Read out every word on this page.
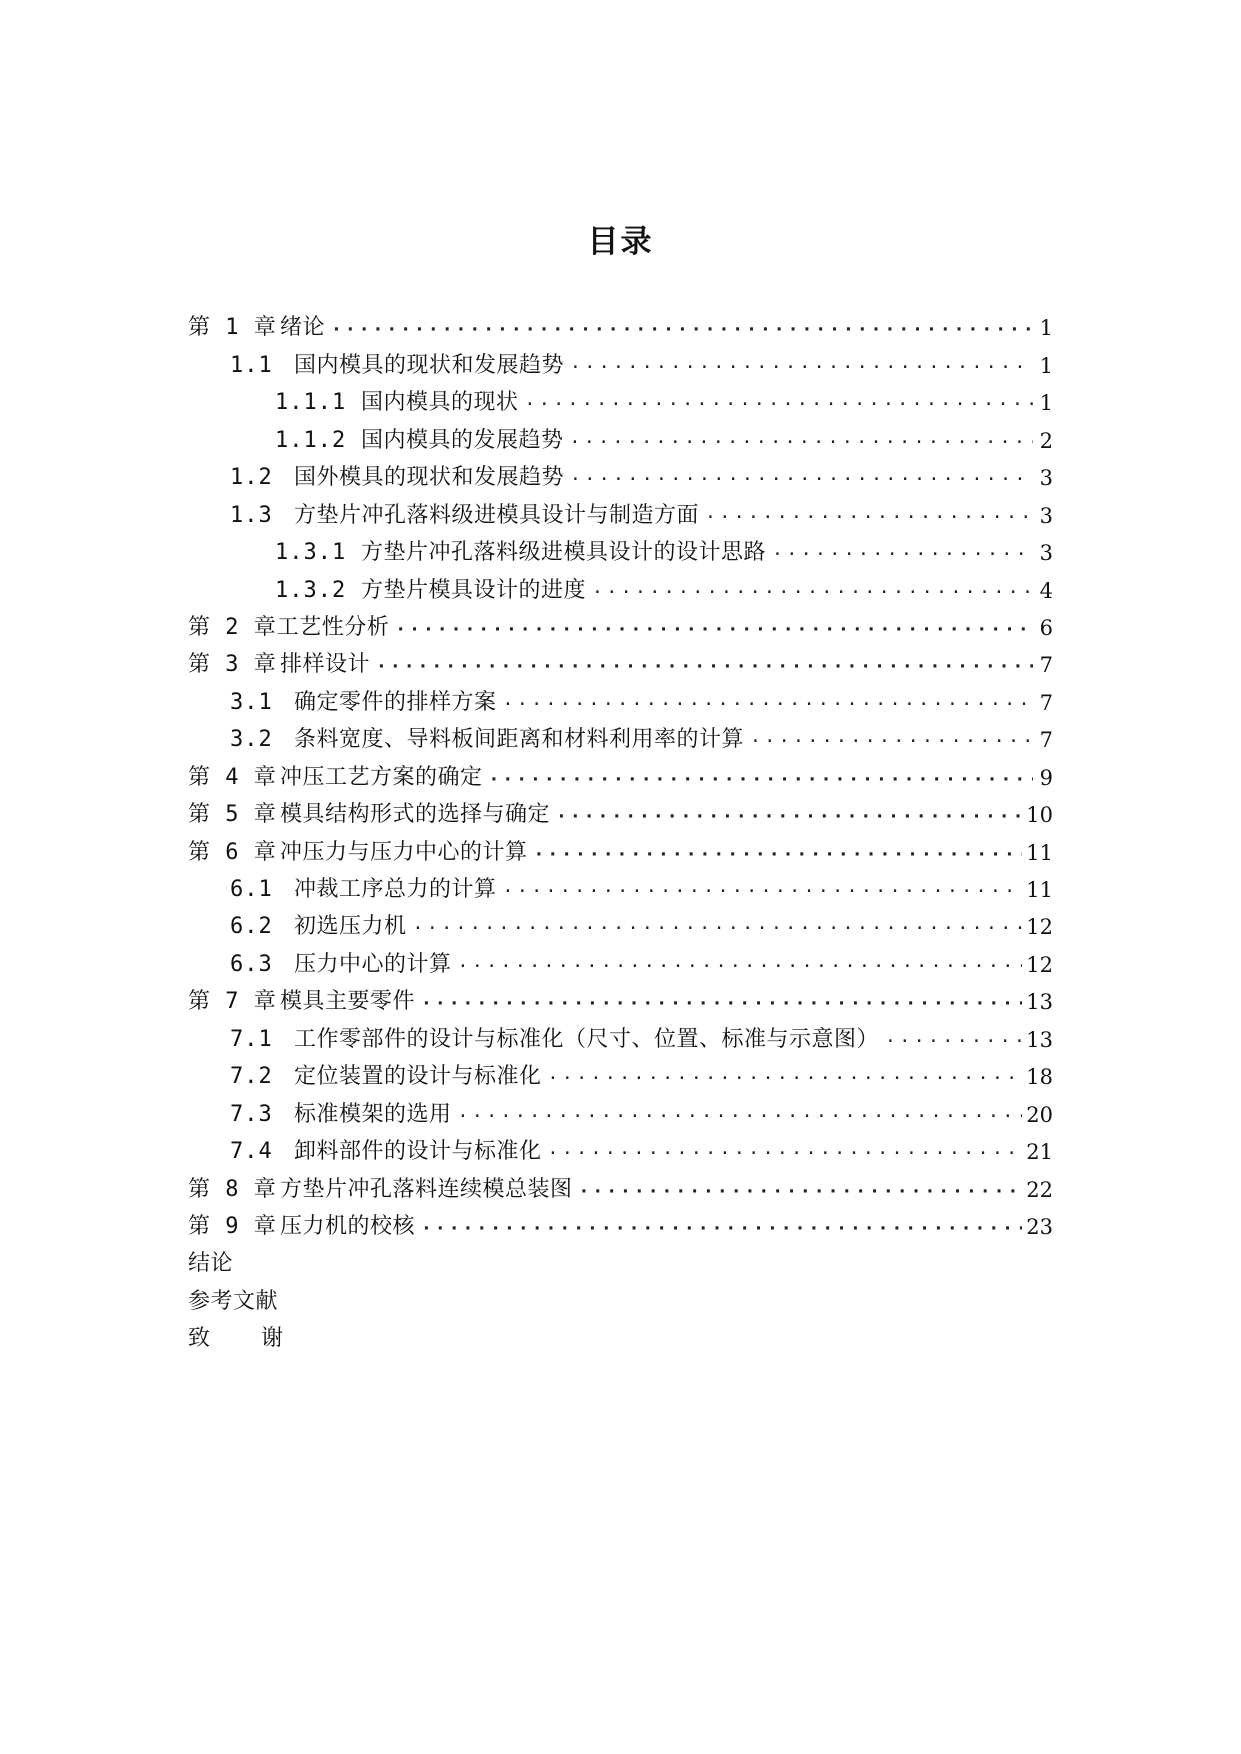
目录
第 1 章 绪论 ·····	1
1.1 国内模具的现状和发展趋势 ·····	1
1.1.1 国内模具的现状 ·····	1
1.1.2 国内模具的发展趋势 ·····	2
1.2 国外模具的现状和发展趋势 ·····	3
1.3 方垫片冲孔落料级进模具设计与制造方面 ·····	3
1.3.1 方垫片冲孔落料级进模具设计的设计思路 ·····	3
1.3.2 方垫片模具设计的进度 ·····	4
第 2 章 工艺性分析 ·····	6
第 3 章 排样设计 ·····	7
3.1 确定零件的排样方案 ·····	7
3.2 条料宽度、导料板间距离和材料利用率的计算 ·····	7
第 4 章 冲压工艺方案的确定 ·····	9
第 5 章 模具结构形式的选择与确定 ·····	10
第 6 章 冲压力与压力中心的计算 ·····	11
6.1 冲裁工序总力的计算 ·····	11
6.2 初选压力机 ·····	12
6.3 压力中心的计算 ·····	12
第 7 章 模具主要零件 ·····	13
7.1 工作零部件的设计与标准化（尺寸、位置、标准与示意图） ·····	13
7.2 定位装置的设计与标准化 ·····	18
7.3 标准模架的选用 ·····	20
7.4 卸料部件的设计与标准化 ·····	21
第 8 章 方垫片冲孔落料连续模总装图 ·····	22
第 9 章 压力机的校核 ·····	23
结论
参考文献
致 谢
